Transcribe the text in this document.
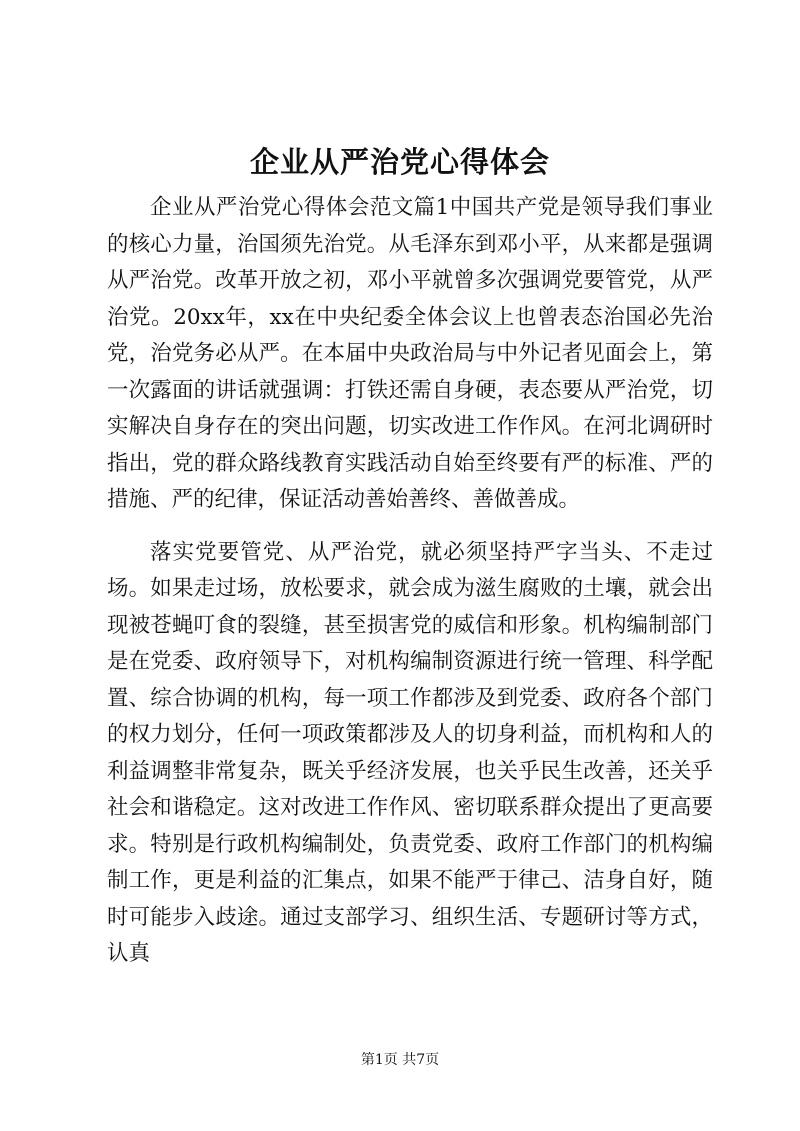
企业从严治党心得体会

企业从严治党心得体会范文篇1中国共产党是领导我们事业的核心力量，治国须先治党。从毛泽东到邓小平，从来都是强调从严治党。改革开放之初，邓小平就曾多次强调党要管党，从严治党。20xx年，xx在中央纪委全体会议上也曾表态治国必先治党，治党务必从严。在本届中央政治局与中外记者见面会上，第一次露面的讲话就强调：打铁还需自身硬，表态要从严治党，切实解决自身存在的突出问题，切实改进工作作风。在河北调研时指出，党的群众路线教育实践活动自始至终要有严的标准、严的措施、严的纪律，保证活动善始善终、善做善成。

落实党要管党、从严治党，就必须坚持严字当头、不走过场。如果走过场，放松要求，就会成为滋生腐败的土壤，就会出现被苍蝇叮食的裂缝，甚至损害党的威信和形象。机构编制部门是在党委、政府领导下，对机构编制资源进行统一管理、科学配置、综合协调的机构，每一项工作都涉及到党委、政府各个部门的权力划分，任何一项政策都涉及人的切身利益，而机构和人的利益调整非常复杂，既关乎经济发展，也关乎民生改善，还关乎社会和谐稳定。这对改进工作作风、密切联系群众提出了更高要求。特别是行政机构编制处，负责党委、政府工作部门的机构编制工作，更是利益的汇集点，如果不能严于律己、洁身自好，随时可能步入歧途。通过支部学习、组织生活、专题研讨等方式，认真

第1页 共7页
